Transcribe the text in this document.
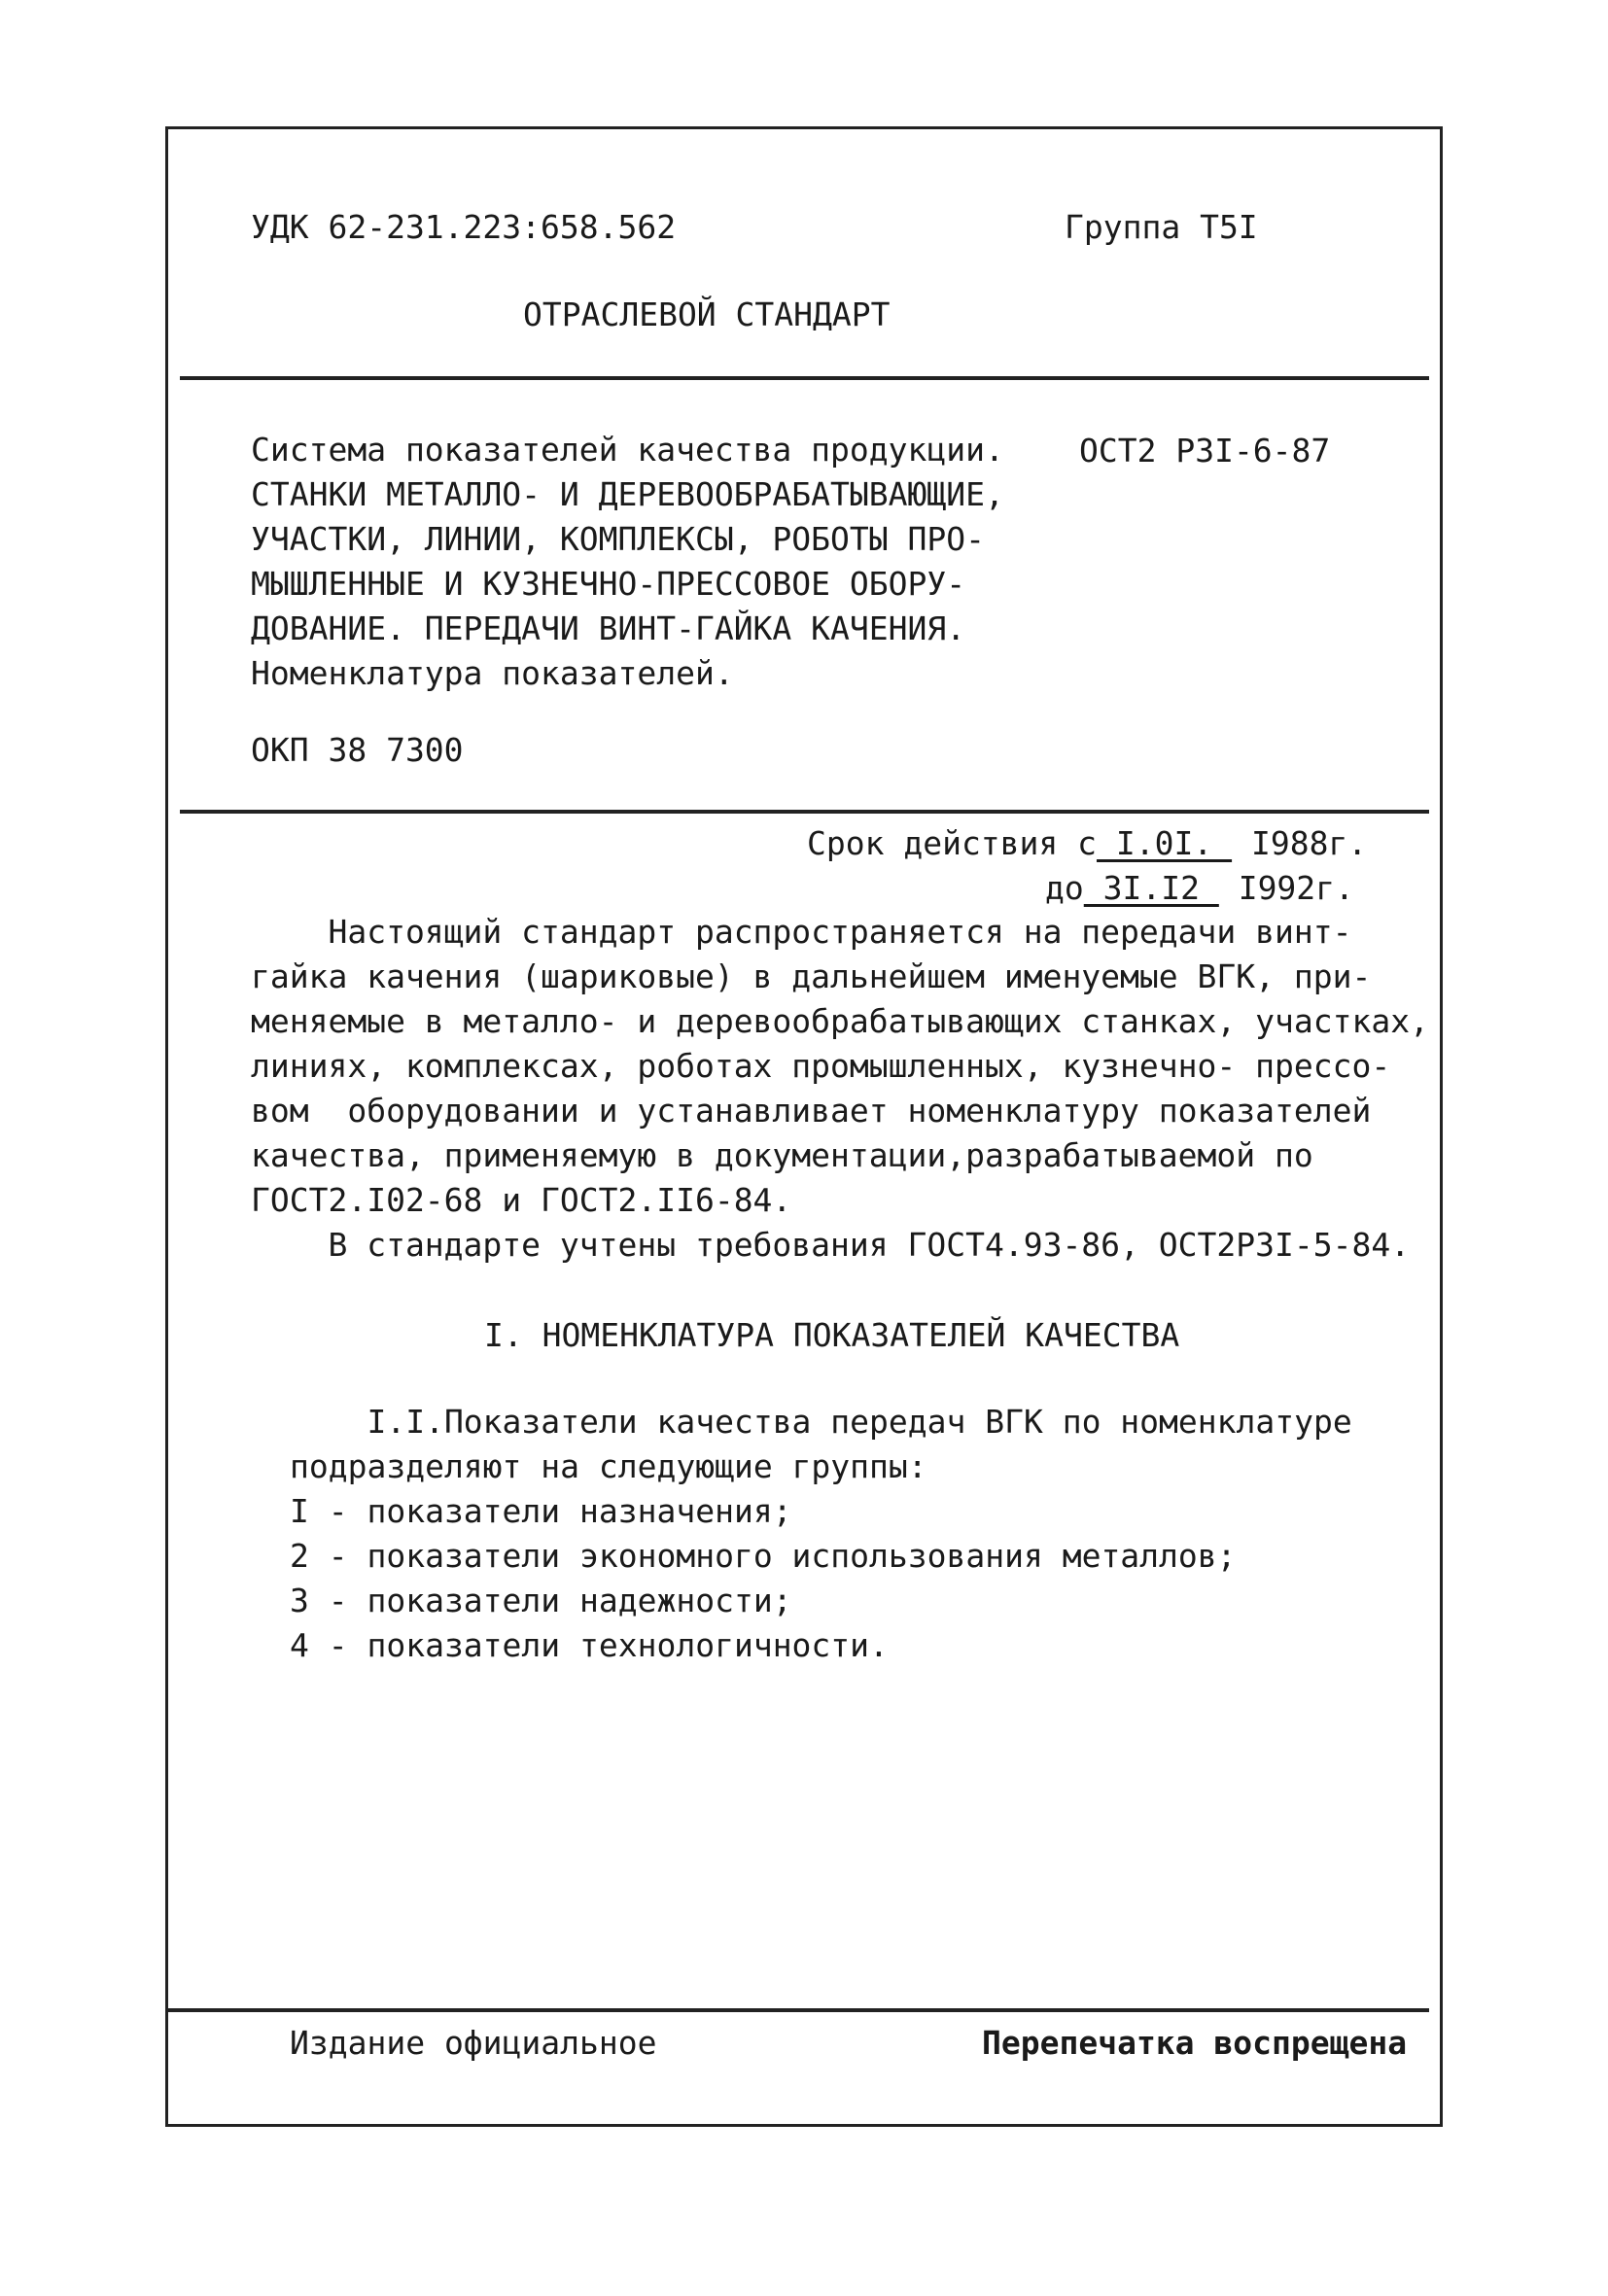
УДК 62-231.223:658.562	Группа T5I
ОТРАСЛЕВОЙ СТАНДАРТ
Система показателей качества продукции.
СТАНКИ МЕТАЛЛО- И ДЕРЕВООБРАБАТЫВАЮЩИЕ,
УЧАСТКИ, ЛИНИИ, КОМПЛЕКСЫ, РОБОТЫ ПРО-
МЫШЛЕННЫЕ И КУЗНЕЧНО-ПРЕССОВОЕ ОБОРУ-
ДОВАНИЕ. ПЕРЕДАЧИ ВИНТ-ГАЙКА КАЧЕНИЯ.
Номенклатура показателей.
ОСТ2 Р3I-6-87
ОКП 38 7300
Срок действия с I.0I.  I988г.
до 3I.I2  I992г.
Настоящий стандарт распространяется на передачи винт-
гайка качения (шариковые) в дальнейшем именуемые ВГК, при-
меняемые в металло- и деревообрабатывающих станках, участках,
линиях, комплексах, роботах промышленных, кузнечно- прессо-
вом  оборудовании и устанавливает номенклатуру показателей
качества, применяемую в документации,разрабатываемой по
ГОСТ2.I02-68 и ГОСТ2.II6-84.
В стандарте учтены требования ГОСТ4.93-86, ОСТ2Р3I-5-84.
I. НОМЕНКЛАТУРА ПОКАЗАТЕЛЕЙ КАЧЕСТВА
I.I.Показатели качества передач ВГК по номенклатуре
подразделяют на следующие группы:
I - показатели назначения;
2 - показатели экономного использования металлов;
3 - показатели надежности;
4 - показатели технологичности.
Издание официальное	Перепечатка воспрещена
